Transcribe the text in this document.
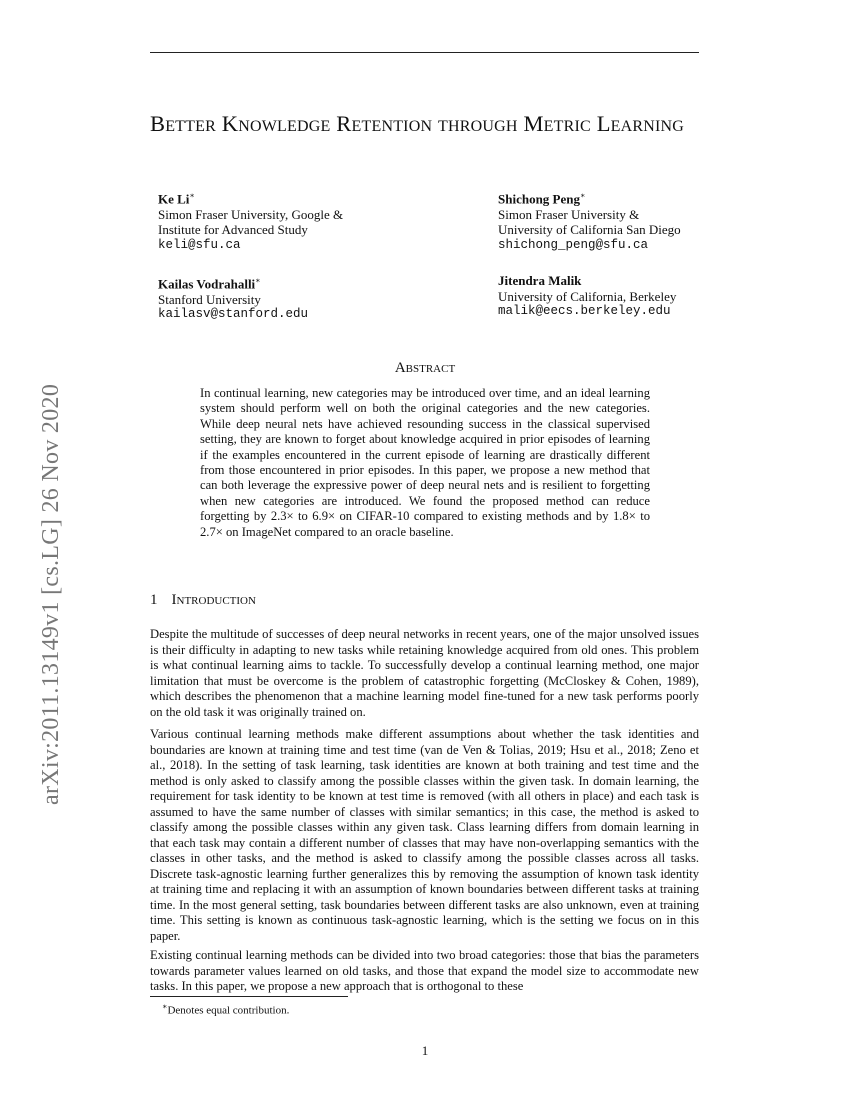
arXiv:2011.13149v1 [cs.LG] 26 Nov 2020
Better Knowledge Retention through Metric Learning
Ke Li∗
Simon Fraser University, Google &
Institute for Advanced Study
keli@sfu.ca
Shichong Peng∗
Simon Fraser University &
University of California San Diego
shichong_peng@sfu.ca
Kailas Vodrahalli∗
Stanford University
kailasv@stanford.edu
Jitendra Malik
University of California, Berkeley
malik@eecs.berkeley.edu
Abstract
In continual learning, new categories may be introduced over time, and an ideal learning system should perform well on both the original categories and the new categories. While deep neural nets have achieved resounding success in the classical supervised setting, they are known to forget about knowledge acquired in prior episodes of learning if the examples encountered in the current episode of learning are drastically different from those encountered in prior episodes. In this paper, we propose a new method that can both leverage the expressive power of deep neural nets and is resilient to forgetting when new categories are introduced. We found the proposed method can reduce forgetting by 2.3× to 6.9× on CIFAR-10 compared to existing methods and by 1.8× to 2.7× on ImageNet compared to an oracle baseline.
1 Introduction
Despite the multitude of successes of deep neural networks in recent years, one of the major unsolved issues is their difficulty in adapting to new tasks while retaining knowledge acquired from old ones. This problem is what continual learning aims to tackle. To successfully develop a continual learning method, one major limitation that must be overcome is the problem of catastrophic forgetting (McCloskey & Cohen, 1989), which describes the phenomenon that a machine learning model fine-tuned for a new task performs poorly on the old task it was originally trained on.
Various continual learning methods make different assumptions about whether the task identities and boundaries are known at training time and test time (van de Ven & Tolias, 2019; Hsu et al., 2018; Zeno et al., 2018). In the setting of task learning, task identities are known at both training and test time and the method is only asked to classify among the possible classes within the given task. In domain learning, the requirement for task identity to be known at test time is removed (with all others in place) and each task is assumed to have the same number of classes with similar semantics; in this case, the method is asked to classify among the possible classes within any given task. Class learning differs from domain learning in that each task may contain a different number of classes that may have non-overlapping semantics with the classes in other tasks, and the method is asked to classify among the possible classes across all tasks. Discrete task-agnostic learning further generalizes this by removing the assumption of known task identity at training time and replacing it with an assumption of known boundaries between different tasks at training time. In the most general setting, task boundaries between different tasks are also unknown, even at training time. This setting is known as continuous task-agnostic learning, which is the setting we focus on in this paper.
Existing continual learning methods can be divided into two broad categories: those that bias the parameters towards parameter values learned on old tasks, and those that expand the model size to accommodate new tasks. In this paper, we propose a new approach that is orthogonal to these
∗Denotes equal contribution.
1
